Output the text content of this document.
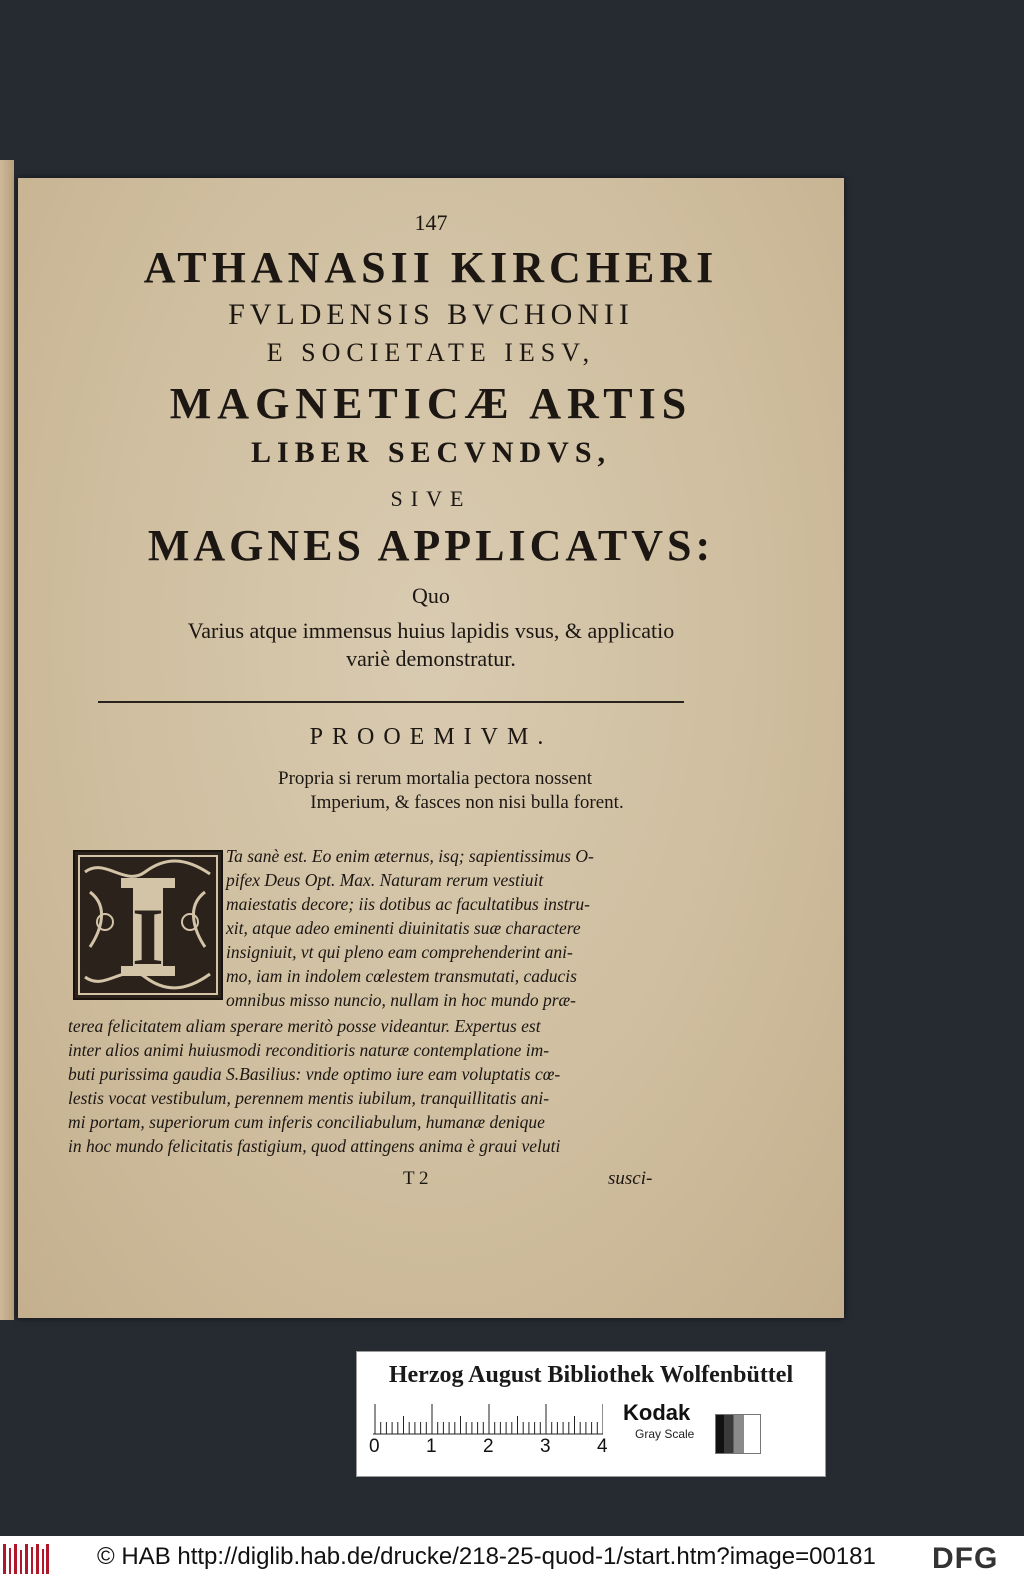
147
ATHANASII KIRCHERI
FVLDENSIS BVCHONII
E SOCIETATE IESV,
MAGNETICÆ ARTIS
LIBER SECVNDVS,
SIVE
MAGNES APPLICATVS:
Quo
Varius atque immensus huius lapidis vsus, & applicatio
variè demonstratur.
PROOEMIVM.
Propria si rerum mortalia pectora nossent
Imperium, & fasces non nisi bulla forent.
I
Ta sanè est. Eo enim æternus, isq; sapientissimus O-
pifex Deus Opt. Max. Naturam rerum vestiuit
maiestatis decore; iis dotibus ac facultatibus instru-
xit, atque adeo eminenti diuinitatis suæ charactere
insigniuit, vt qui pleno eam comprehenderint ani-
mo, iam in indolem cœlestem transmutati, caducis
omnibus misso nuncio, nullam in hoc mundo præ-
terea felicitatem aliam sperare meritò posse videantur. Expertus est
inter alios animi huiusmodi reconditioris naturæ contemplatione im-
buti purissima gaudia S.Basilius: vnde optimo iure eam voluptatis cœ-
lestis vocat vestibulum, perennem mentis iubilum, tranquillitatis ani-
mi portam, superiorum cum inferis conciliabulum, humanæ denique
in hoc mundo felicitatis fastigium, quod attingens anima è graui veluti
T 2	susci-
Herzog August Bibliothek Wolfenbüttel
0 1 2 3 4
Kodak
Gray Scale
© HAB http://diglib.hab.de/drucke/218-25-quod-1/start.htm?image=00181 DFG
